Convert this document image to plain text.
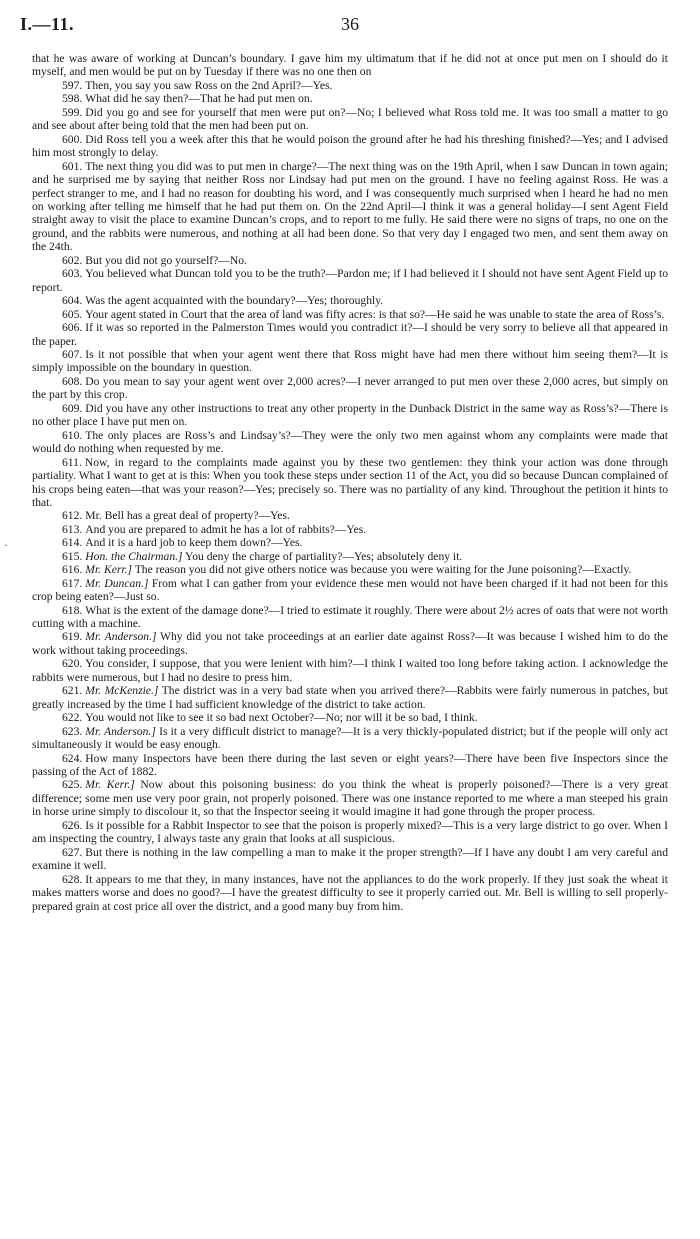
I.—11.	36

that he was aware of working at Duncan’s boundary. I gave him my ultimatum that if he did not at once put men on I should do it myself, and men would be put on by Tuesday if there was no one then on

597. Then, you say you saw Ross on the 2nd April?—Yes.

598. What did he say then?—That he had put men on.

599. Did you go and see for yourself that men were put on?—No; I believed what Ross told me. It was too small a matter to go and see about after being told that the men had been put on.

600. Did Ross tell you a week after this that he would poison the ground after he had his threshing finished?—Yes; and I advised him most strongly to delay.

601. The next thing you did was to put men in charge?—The next thing was on the 19th April, when I saw Duncan in town again; and he surprised me by saying that neither Ross nor Lindsay had put men on the ground. I have no feeling against Ross. He was a perfect stranger to me, and I had no reason for doubting his word, and I was consequently much surprised when I heard he had no men on working after telling me himself that he had put them on. On the 22nd April—I think it was a general holiday—I sent Agent Field straight away to visit the place to examine Duncan’s crops, and to report to me fully. He said there were no signs of traps, no one on the ground, and the rabbits were numerous, and nothing at all had been done. So that very day I engaged two men, and sent them away on the 24th.

602. But you did not go yourself?—No.

603. You believed what Duncan told you to be the truth?—Pardon me; if I had believed it I should not have sent Agent Field up to report.

604. Was the agent acquainted with the boundary?—Yes; thoroughly.

605. Your agent stated in Court that the area of land was fifty acres: is that so?—He said he was unable to state the area of Ross’s.

606. If it was so reported in the Palmerston Times would you contradict it?—I should be very sorry to believe all that appeared in the paper.

607. Is it not possible that when your agent went there that Ross might have had men there without him seeing them?—It is simply impossible on the boundary in question.

608. Do you mean to say your agent went over 2,000 acres?—I never arranged to put men over these 2,000 acres, but simply on the part by this crop.

609. Did you have any other instructions to treat any other property in the Dunback District in the same way as Ross’s?—There is no other place I have put men on.

610. The only places are Ross’s and Lindsay’s?—They were the only two men against whom any complaints were made that would do nothing when requested by me.

611. Now, in regard to the complaints made against you by these two gentlemen: they think your action was done through partiality. What I want to get at is this: When you took these steps under section 11 of the Act, you did so because Duncan complained of his crops being eaten—that was your reason?—Yes; precisely so. There was no partiality of any kind. Throughout the petition it hints to that.

612. Mr. Bell has a great deal of property?—Yes.

613. And you are prepared to admit he has a lot of rabbits?—Yes.

614. And it is a hard job to keep them down?—Yes.

615. Hon. the Chairman.] You deny the charge of partiality?—Yes; absolutely deny it.

616. Mr. Kerr.] The reason you did not give others notice was because you were waiting for the June poisoning?—Exactly.

617. Mr. Duncan.] From what I can gather from your evidence these men would not have been charged if it had not been for this crop being eaten?—Just so.

618. What is the extent of the damage done?—I tried to estimate it roughly. There were about 2½ acres of oats that were not worth cutting with a machine.

619. Mr. Anderson.] Why did you not take proceedings at an earlier date against Ross?—It was because I wished him to do the work without taking proceedings.

620. You consider, I suppose, that you were lenient with him?—I think I waited too long before taking action. I acknowledge the rabbits were numerous, but I had no desire to press him.

621. Mr. McKenzie.] The district was in a very bad state when you arrived there?—Rabbits were fairly numerous in patches, but greatly increased by the time I had sufficient knowledge of the district to take action.

622. You would not like to see it so bad next October?—No; nor will it be so bad, I think.

623. Mr. Anderson.] Is it a very difficult district to manage?—It is a very thickly-populated district; but if the people will only act simultaneously it would be easy enough.

624. How many Inspectors have been there during the last seven or eight years?—There have been five Inspectors since the passing of the Act of 1882.

625. Mr. Kerr.] Now about this poisoning business: do you think the wheat is properly poisoned?—There is a very great difference; some men use very poor grain, not properly poisoned. There was one instance reported to me where a man steeped his grain in horse urine simply to discolour it, so that the Inspector seeing it would imagine it had gone through the proper process.

626. Is it possible for a Rabbit Inspector to see that the poison is properly mixed?—This is a very large district to go over. When I am inspecting the country, I always taste any grain that looks at all suspicious.

627. But there is nothing in the law compelling a man to make it the proper strength?—If I have any doubt I am very careful and examine it well.

628. It appears to me that they, in many instances, have not the appliances to do the work properly. If they just soak the wheat it makes matters worse and does no good?—I have the greatest difficulty to see it properly carried out. Mr. Bell is willing to sell properly-prepared grain at cost price all over the district, and a good many buy from him.

·
